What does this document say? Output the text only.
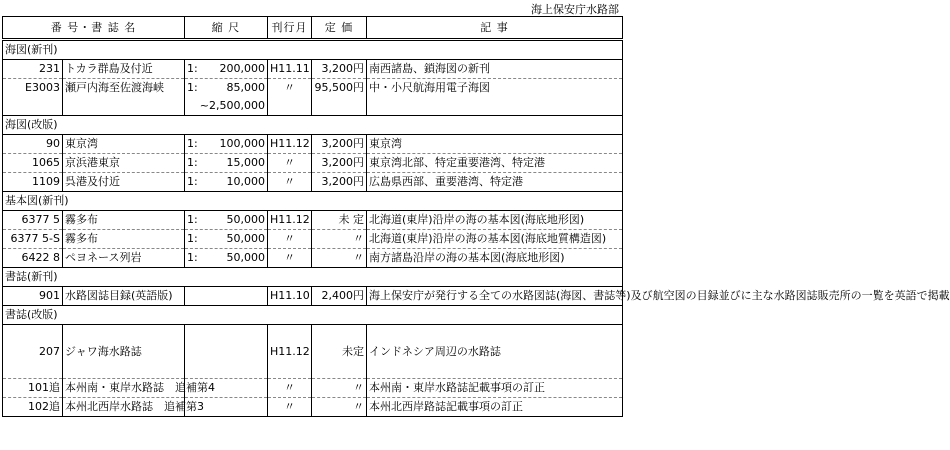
海上保安庁水路部
番 号・書 誌 名		縮 尺	刊行月	定 価	記 事
海図(新刊)					
231	トカラ群島及付近	1: 200,000	H11.11	3,200円	南西諸島、鎖海図の新刊
E3003	瀬戸内海至佐渡海峡	1: 85,000	〃	95,500円	中・小尺航海用電子海図
		~2,500,000			
海図(改版)					
90	東京湾	1: 100,000	H11.12	3,200円	東京湾
1065	京浜港東京	1: 15,000	〃	3,200円	東京湾北部、特定重要港湾、特定港
1109	呉港及付近	1: 10,000	〃	3,200円	広島県西部、重要港湾、特定港
基本図(新刊)					
6377 5	霧多布	1: 50,000	H11.12	未 定	北海道(東岸)沿岸の海の基本図(海底地形図)
6377 5-S	霧多布	1: 50,000	〃	〃	北海道(東岸)沿岸の海の基本図(海底地質構造図)
6422 8	ペヨネース列岩	1: 50,000	〃	〃	南方諸島沿岸の海の基本図(海底地形図)
書誌(新刊)					
901	水路図誌目録(英語版)		H11.10	2,400円	海上保安庁が発行する全ての水路図誌(海図、書誌等)及び航空図の目録並びに主な水路図誌販売所の一覧を英語で掲載
書誌(改版)					
207	ジャワ海水路誌		H11.12	未定	インドネシア周辺の水路誌
101追	本州南・東岸水路誌　追補第4		〃	〃	本州南・東岸水路誌記載事項の訂正
102追	本州北西岸水路誌　追補第3		〃	〃	本州北西岸路誌記載事項の訂正
